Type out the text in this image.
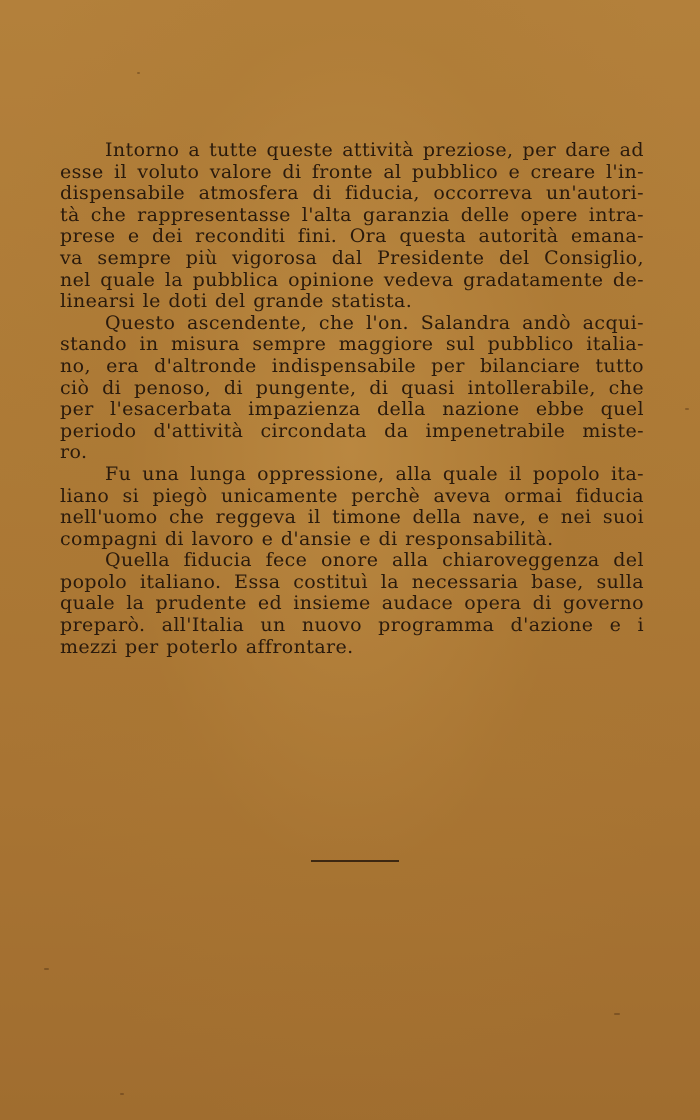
Intorno a tutte queste attività preziose, per dare ad
esse il voluto valore di fronte al pubblico e creare l'in-
dispensabile atmosfera di fiducia, occorreva un'autori-
tà che rappresentasse l'alta garanzia delle opere intra-
prese e dei reconditi fini. Ora questa autorità emana-
va sempre più vigorosa dal Presidente del Consiglio,
nel quale la pubblica opinione vedeva gradatamente de-
linearsi le doti del grande statista.
Questo ascendente, che l'on. Salandra andò acqui-
stando in misura sempre maggiore sul pubblico italia-
no, era d'altronde indispensabile per bilanciare tutto
ciò di penoso, di pungente, di quasi intollerabile, che
per l'esacerbata impazienza della nazione ebbe quel
periodo d'attività circondata da impenetrabile miste-
ro.
Fu una lunga oppressione, alla quale il popolo ita-
liano si piegò unicamente perchè aveva ormai fiducia
nell'uomo che reggeva il timone della nave, e nei suoi
compagni di lavoro e d'ansie e di responsabilità.
Quella fiducia fece onore alla chiaroveggenza del
popolo italiano. Essa costituì la necessaria base, sulla
quale la prudente ed insieme audace opera di governo
preparò. all'Italia un nuovo programma d'azione e i
mezzi per poterlo affrontare.
